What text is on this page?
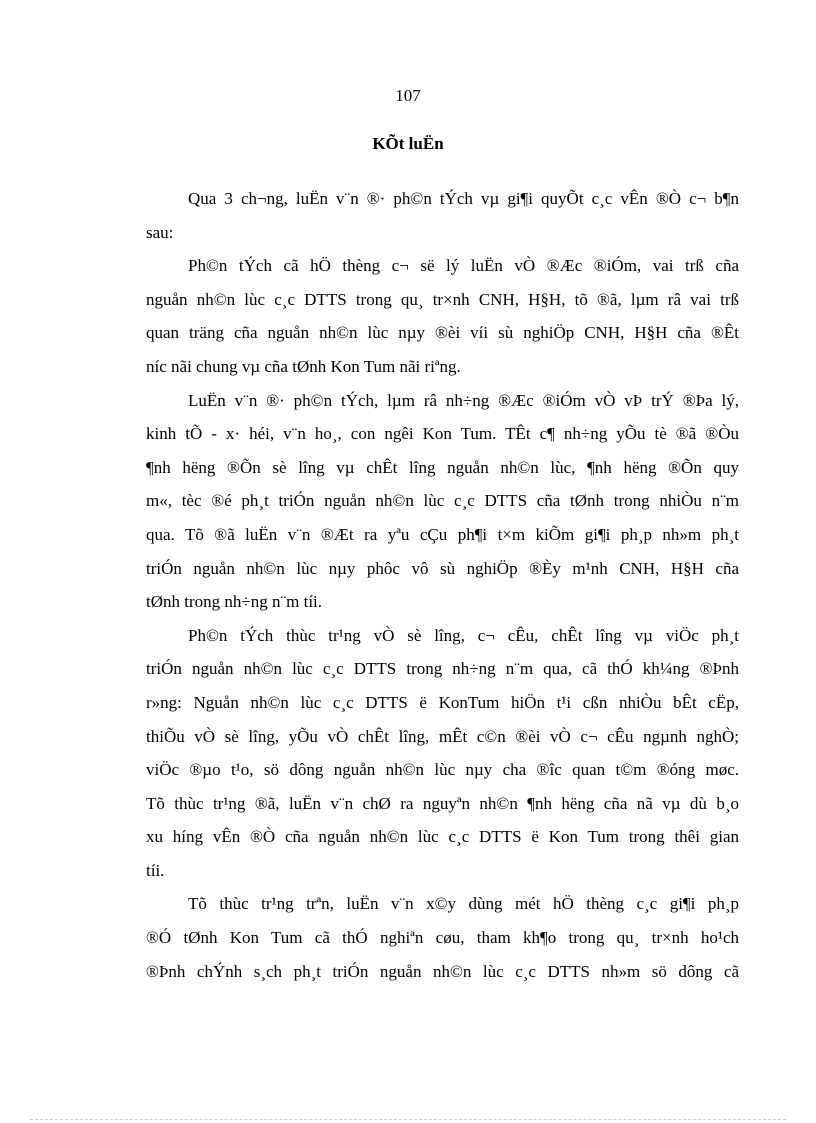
107
KÕt luËn
Qua 3 ch¬ng, luËn v¨n ®· ph©n tÝch vµ gi¶i quyÕt c¸c vÊn ®Ò c¬ b¶n
sau:
Ph©n tÝch cã hÖ thèng c¬ së lý luËn vÒ ®Æc ®iÓm, vai trß cña
nguån nh©n lùc c¸c DTTS trong qu¸ tr×nh CNH, H§H, tõ ®ã, lµm râ vai trß
quan träng cña nguån nh©n lùc nµy ®èi víi sù nghiÖp CNH, H§H cña ®Êt
níc nãi chung vµ cña tØnh Kon Tum nãi riªng.
LuËn v¨n ®· ph©n tÝch, lµm râ nh÷ng ®Æc ®iÓm vÒ vÞ trÝ ®Þa lý,
kinh tÕ - x· héi, v¨n ho¸, con ngêi Kon Tum. TÊt c¶ nh÷ng yÕu tè ®ã ®Òu
¶nh hëng ®Õn sè lîng vµ chÊt lîng nguån nh©n lùc, ¶nh hëng ®Õn quy
m«, tèc ®é ph¸t triÓn nguån nh©n lùc c¸c DTTS cña tØnh trong nhiÒu n¨m
qua. Tõ ®ã luËn v¨n ®Æt ra yªu cÇu ph¶i t×m kiÕm gi¶i ph¸p nh»m ph¸t
triÓn nguån nh©n lùc nµy phôc vô sù nghiÖp ®Èy m¹nh CNH, H§H cña
tØnh trong nh÷ng n¨m tíi.
Ph©n tÝch thùc tr¹ng vÒ sè lîng, c¬ cÊu, chÊt lîng vµ viÖc ph¸t
triÓn nguån nh©n lùc c¸c DTTS trong nh÷ng n¨m qua, cã thÓ kh¼ng ®Þnh
r»ng: Nguån nh©n lùc c¸c DTTS ë KonTum hiÖn t¹i cßn nhiÒu bÊt cËp,
thiÕu vÒ sè lîng, yÕu vÒ chÊt lîng, mÊt c©n ®èi vÒ c¬ cÊu ngµnh nghÒ;
viÖc ®µo t¹o, sö dông nguån nh©n lùc nµy cha ®îc quan t©m ®óng møc.
Tõ thùc tr¹ng ®ã, luËn v¨n chØ ra nguyªn nh©n ¶nh hëng cña nã vµ dù b¸o
xu híng vÊn ®Ò cña nguån nh©n lùc c¸c DTTS ë Kon Tum trong thêi gian
tíi.
Tõ thùc tr¹ng trªn, luËn v¨n x©y dùng mét hÖ thèng c¸c gi¶i ph¸p
®Ó tØnh Kon Tum cã thÓ nghiªn cøu, tham kh¶o trong qu¸ tr×nh ho¹ch
®Þnh chÝnh s¸ch ph¸t triÓn nguån nh©n lùc c¸c DTTS nh»m sö dông cã
